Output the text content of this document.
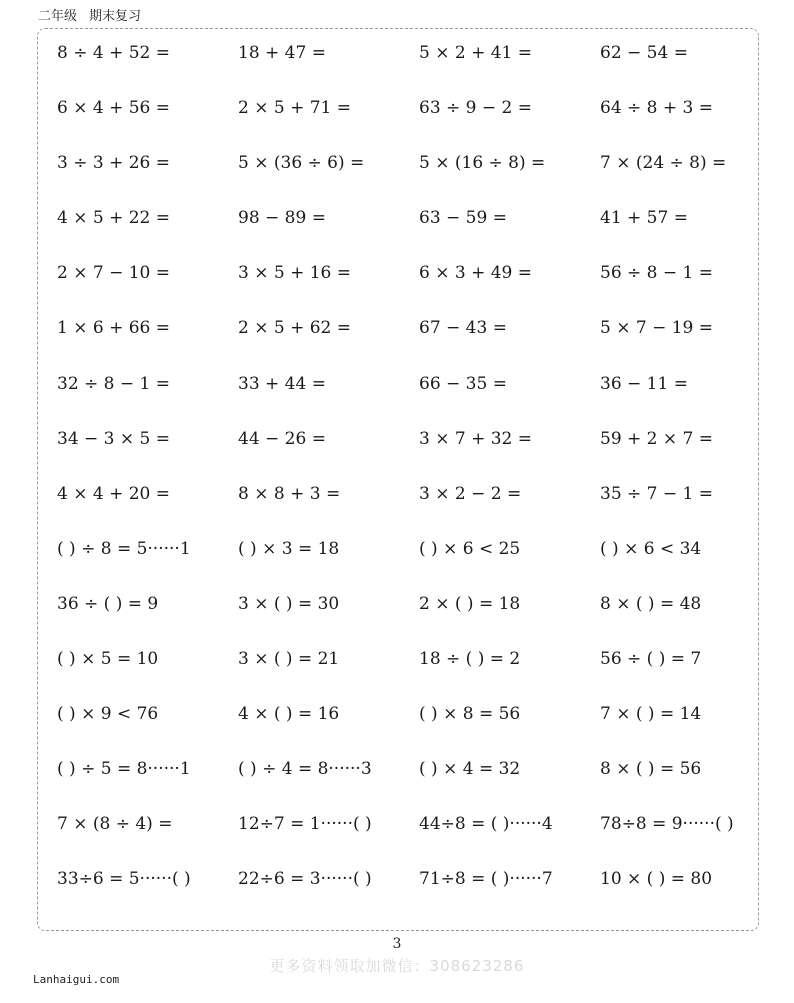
二年级 期末复习
8 ÷ 4 + 52 =	18 + 47 =	5 × 2 + 41 =	62 − 54 =
6 × 4 + 56 =	2 × 5 + 71 =	63 ÷ 9 − 2 =	64 ÷ 8 + 3 =
3 ÷ 3 + 26 =	5 × (36 ÷ 6) =	5 × (16 ÷ 8) =	7 × (24 ÷ 8) =
4 × 5 + 22 =	98 − 89 =	63 − 59 =	41 + 57 =
2 × 7 − 10 =	3 × 5 + 16 =	6 × 3 + 49 =	56 ÷ 8 − 1 =
1 × 6 + 66 =	2 × 5 + 62 =	67 − 43 =	5 × 7 − 19 =
32 ÷ 8 − 1 =	33 + 44 =	66 − 35 =	36 − 11 =
34 − 3 × 5 =	44 − 26 =	3 × 7 + 32 =	59 + 2 × 7 =
4 × 4 + 20 =	8 × 8 + 3 =	3 × 2 − 2 =	35 ÷ 7 − 1 =
( ) ÷ 8 = 5······1	( ) × 3 = 18	( ) × 6 < 25	( ) × 6 < 34
36 ÷ ( ) = 9	3 × ( ) = 30	2 × ( ) = 18	8 × ( ) = 48
( ) × 5 = 10	3 × ( ) = 21	18 ÷ ( ) = 2	56 ÷ ( ) = 7
( ) × 9 < 76	4 × ( ) = 16	( ) × 8 = 56	7 × ( ) = 14
( ) ÷ 5 = 8······1	( ) ÷ 4 = 8······3	( ) × 4 = 32	8 × ( ) = 56
7 × (8 ÷ 4) =	12÷7 = 1······( )	44÷8 = ( )······4	78÷8 = 9······( )
33÷6 = 5······( )	22÷6 = 3······( )	71÷8 = ( )······7	10 × ( ) = 80
3
更多资料领取加微信：308623286
Lanhaigui.com
